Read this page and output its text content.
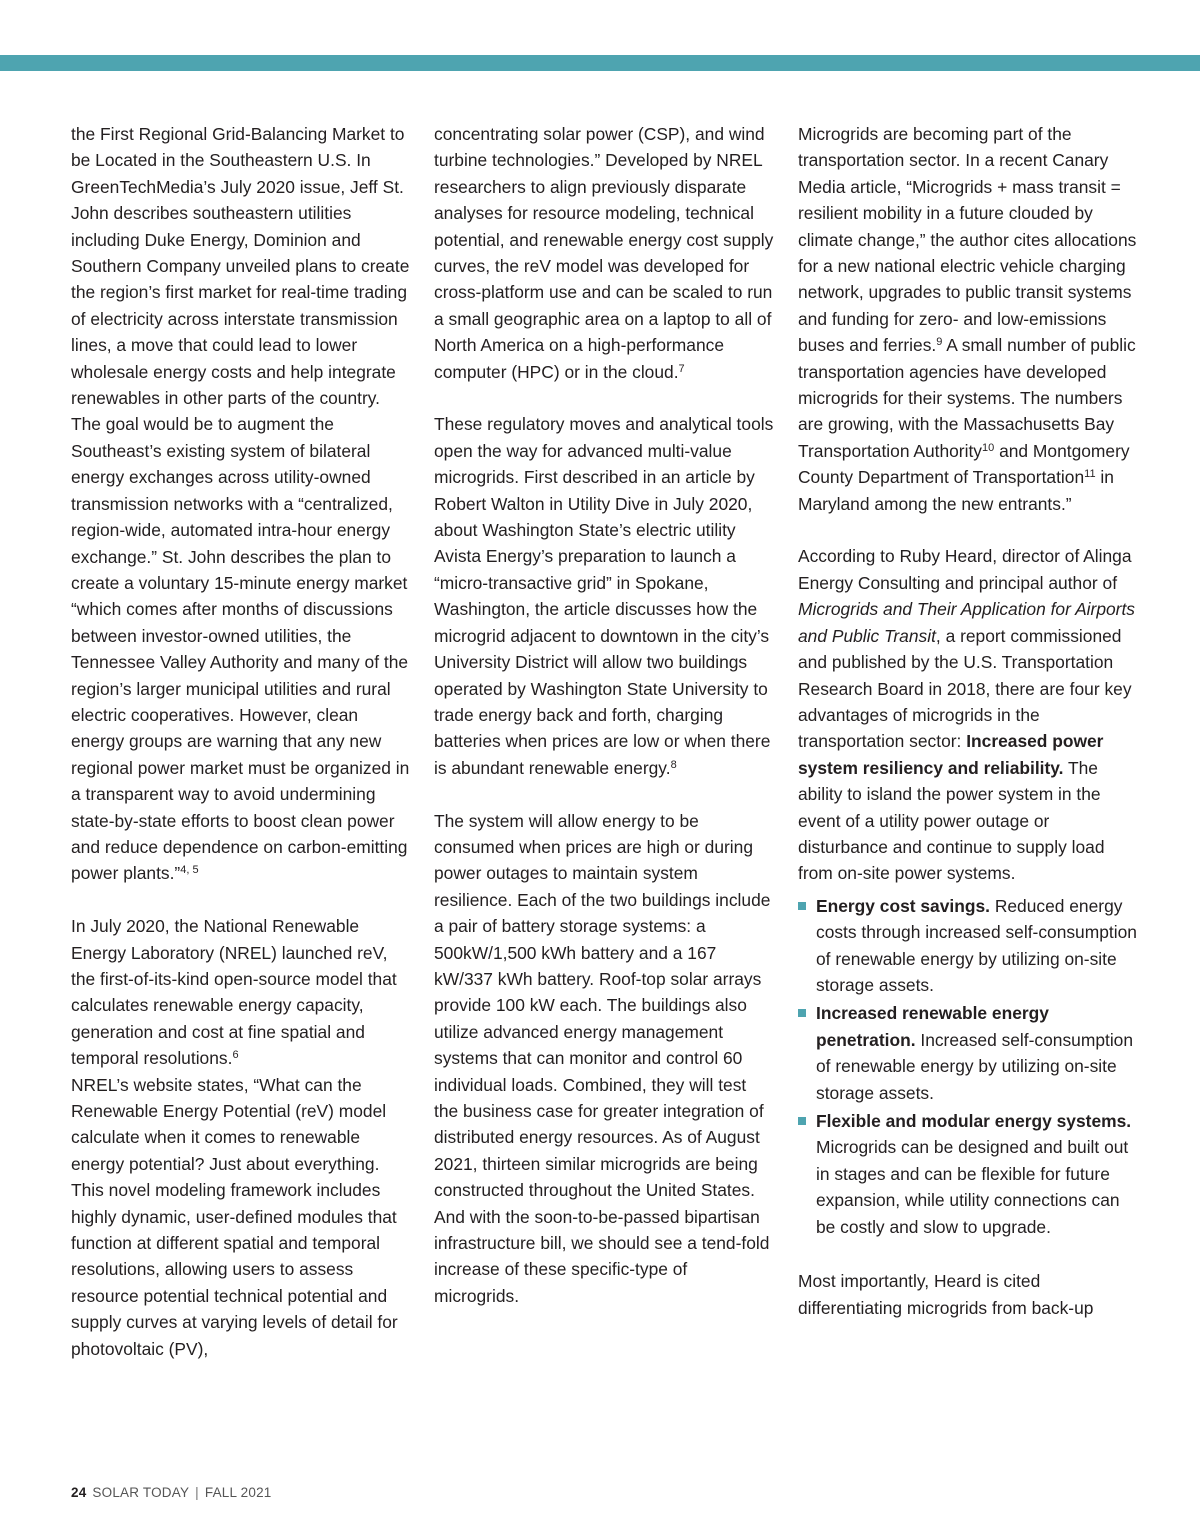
the First Regional Grid-Balancing Market to be Located in the Southeastern U.S. In GreenTechMedia’s July 2020 issue, Jeff St. John describes southeastern utilities including Duke Energy, Dominion and Southern Company unveiled plans to create the region’s first market for real-time trading of electricity across interstate transmission lines, a move that could lead to lower wholesale energy costs and help integrate renewables in other parts of the country. The goal would be to augment the Southeast’s existing system of bilateral energy exchanges across utility-owned transmission networks with a “centralized, region-wide, automated intra-hour energy exchange.” St. John describes the plan to create a voluntary 15-minute energy market “which comes after months of discussions between investor-owned utilities, the Tennessee Valley Authority and many of the region’s larger municipal utilities and rural electric cooperatives. However, clean energy groups are warning that any new regional power market must be organized in a transparent way to avoid undermining state-by-state efforts to boost clean power and reduce dependence on carbon-emitting power plants.”$^{4, 5}$

In July 2020, the National Renewable Energy Laboratory (NREL) launched reV, the first-of-its-kind open-source model that calculates renewable energy capacity, generation and cost at fine spatial and temporal resolutions.$^6$
NREL’s website states, “What can the Renewable Energy Potential (reV) model calculate when it comes to renewable energy potential? Just about everything. This novel modeling framework includes highly dynamic, user-defined modules that function at different spatial and temporal resolutions, allowing users to assess resource potential technical potential and supply curves at varying levels of detail for photovoltaic (PV),

concentrating solar power (CSP), and wind turbine technologies.” Developed by NREL researchers to align previously disparate analyses for resource modeling, technical potential, and renewable energy cost supply curves, the reV model was developed for cross-platform use and can be scaled to run a small geographic area on a laptop to all of North America on a high-performance computer (HPC) or in the cloud.$^7$

These regulatory moves and analytical tools open the way for advanced multi-value microgrids. First described in an article by Robert Walton in Utility Dive in July 2020, about Washington State’s electric utility Avista Energy’s preparation to launch a “micro-transactive grid” in Spokane, Washington, the article discusses how the microgrid adjacent to downtown in the city’s University District will allow two buildings operated by Washington State University to trade energy back and forth, charging batteries when prices are low or when there is abundant renewable energy.$^8$

The system will allow energy to be consumed when prices are high or during power outages to maintain system resilience. Each of the two buildings include a pair of battery storage systems: a 500kW/1,500 kWh battery and a 167 kW/337 kWh battery. Roof-top solar arrays provide 100 kW each. The buildings also utilize advanced energy management systems that can monitor and control 60 individual loads. Combined, they will test the business case for greater integration of distributed energy resources. As of August 2021, thirteen similar microgrids are being constructed throughout the United States. And with the soon-to-be-passed bipartisan infrastructure bill, we should see a tend-fold increase of these specific-type of microgrids.

Microgrids are becoming part of the transportation sector. In a recent Canary Media article, “Microgrids + mass transit = resilient mobility in a future clouded by climate change,” the author cites allocations for a new national electric vehicle charging network, upgrades to public transit systems and funding for zero- and low-emissions buses and ferries.$^9$ A small number of public transportation agencies have developed microgrids for their systems. The numbers are growing, with the Massachusetts Bay Transportation Authority$^{10}$ and Montgomery County Department of Transportation$^{11}$ in Maryland among the new entrants.”

According to Ruby Heard, director of Alinga Energy Consulting and principal author of Microgrids and Their Application for Airports and Public Transit, a report commissioned and published by the U.S. Transportation Research Board in 2018, there are four key advantages of microgrids in the transportation sector: Increased power system resiliency and reliability. The ability to island the power system in the event of a utility power outage or disturbance and continue to supply load from on-site power systems.

Energy cost savings. Reduced energy costs through increased self-consumption of renewable energy by utilizing on-site storage assets.
Increased renewable energy penetration. Increased self-consumption of renewable energy by utilizing on-site storage assets.
Flexible and modular energy systems. Microgrids can be designed and built out in stages and can be flexible for future expansion, while utility connections can be costly and slow to upgrade.

Most importantly, Heard is cited differentiating microgrids from back-up

24 SOLAR TODAY | FALL 2021
